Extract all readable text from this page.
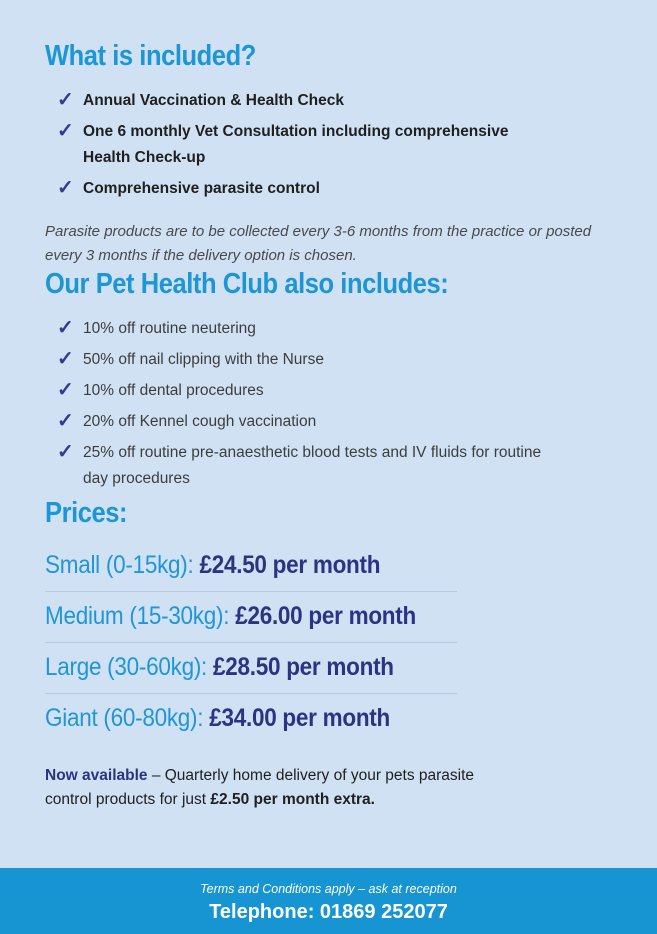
What is included?
✓ Annual Vaccination & Health Check
✓ One 6 monthly Vet Consultation including comprehensive Health Check-up
✓ Comprehensive parasite control

Parasite products are to be collected every 3-6 months from the practice or posted every 3 months if the delivery option is chosen.

Our Pet Health Club also includes:
✓ 10% off routine neutering
✓ 50% off nail clipping with the Nurse
✓ 10% off dental procedures
✓ 20% off Kennel cough vaccination
✓ 25% off routine pre-anaesthetic blood tests and IV fluids for routine day procedures
Prices:
Small (0-15kg): £24.50 per month
Medium (15-30kg): £26.00 per month
Large (30-60kg): £28.50 per month
Giant (60-80kg): £34.00 per month

Now available – Quarterly home delivery of your pets parasite control products for just £2.50 per month extra.

Terms and Conditions apply – ask at reception

Telephone: 01869 252077
